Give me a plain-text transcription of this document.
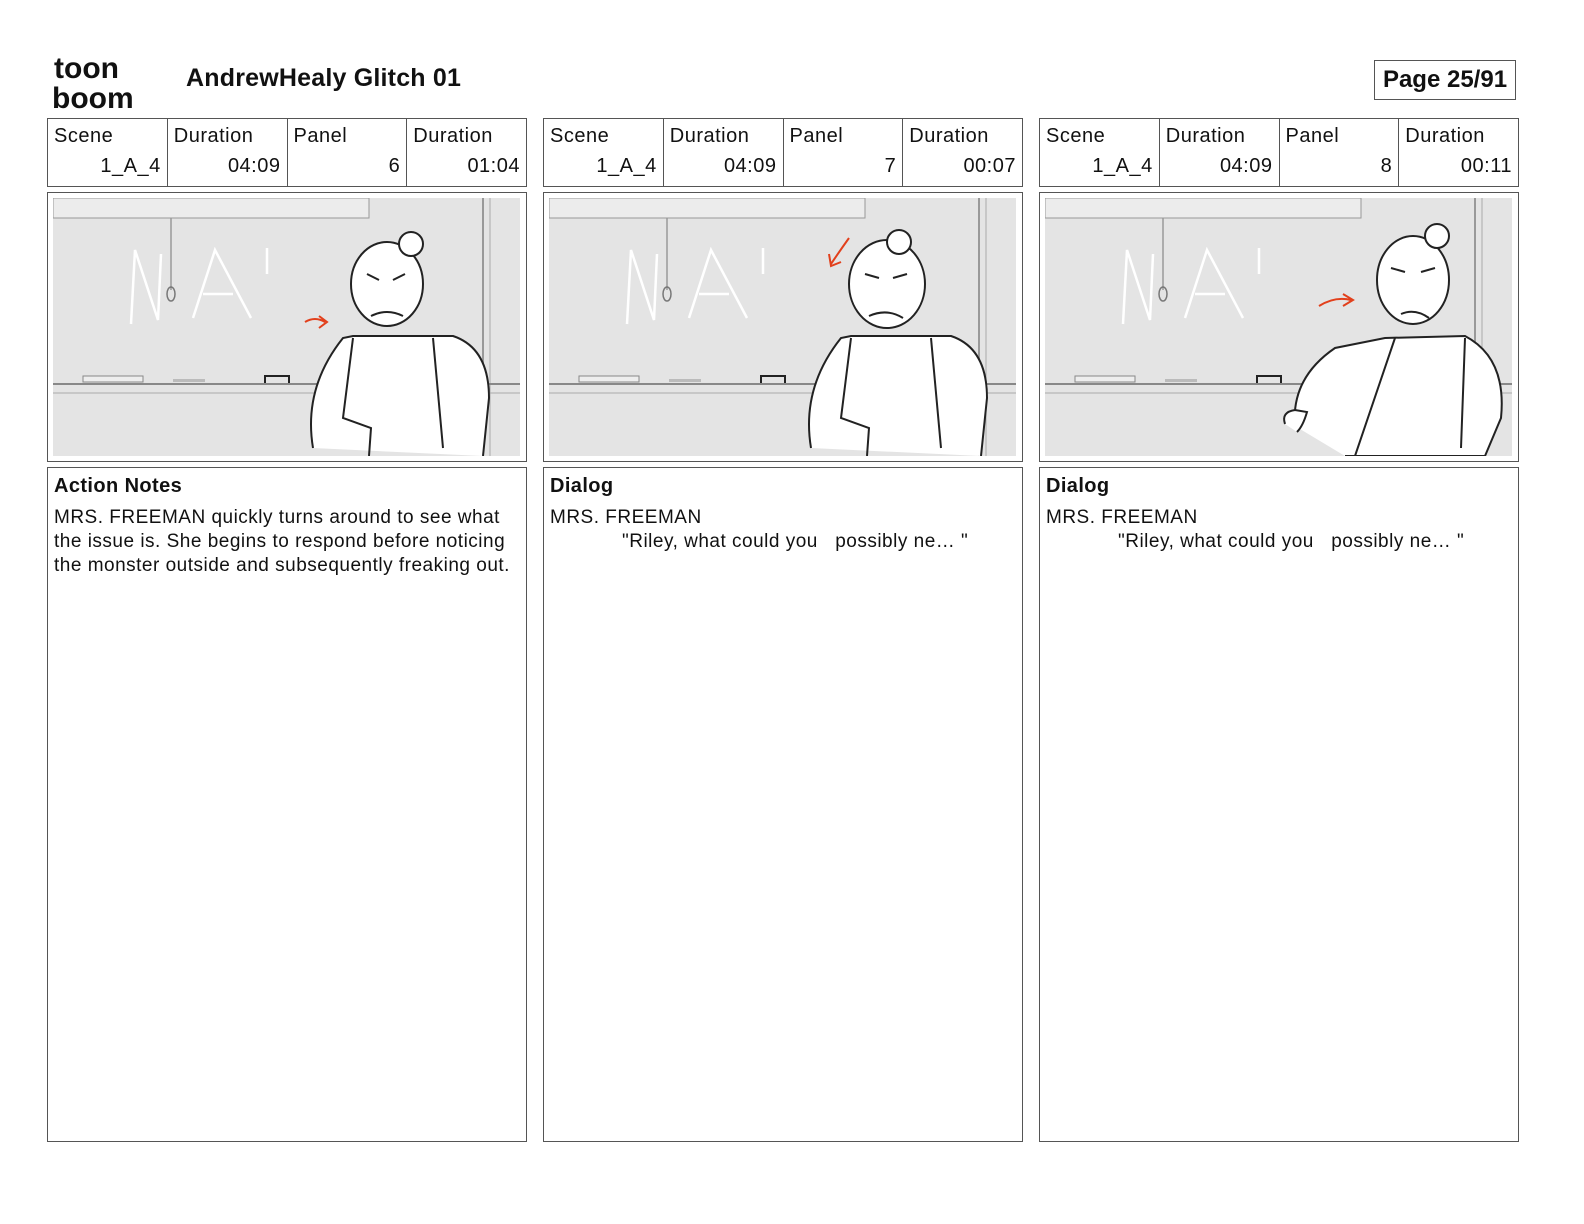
toon
boom
AndrewHealy Glitch 01	Page 25/91
Scene
1_A_4
Duration
04:09
Panel
6
Duration
01:04
Action Notes
MRS. FREEMAN quickly turns around to see what the issue is. She begins to respond before noticing the monster outside and subsequently freaking out.
Scene
1_A_4
Duration
04:09
Panel
7
Duration
00:07
Dialog
MRS. FREEMAN
"Riley, what could you   possibly ne… "
Scene
1_A_4
Duration
04:09
Panel
8
Duration
00:11
Dialog
MRS. FREEMAN
"Riley, what could you   possibly ne… "
